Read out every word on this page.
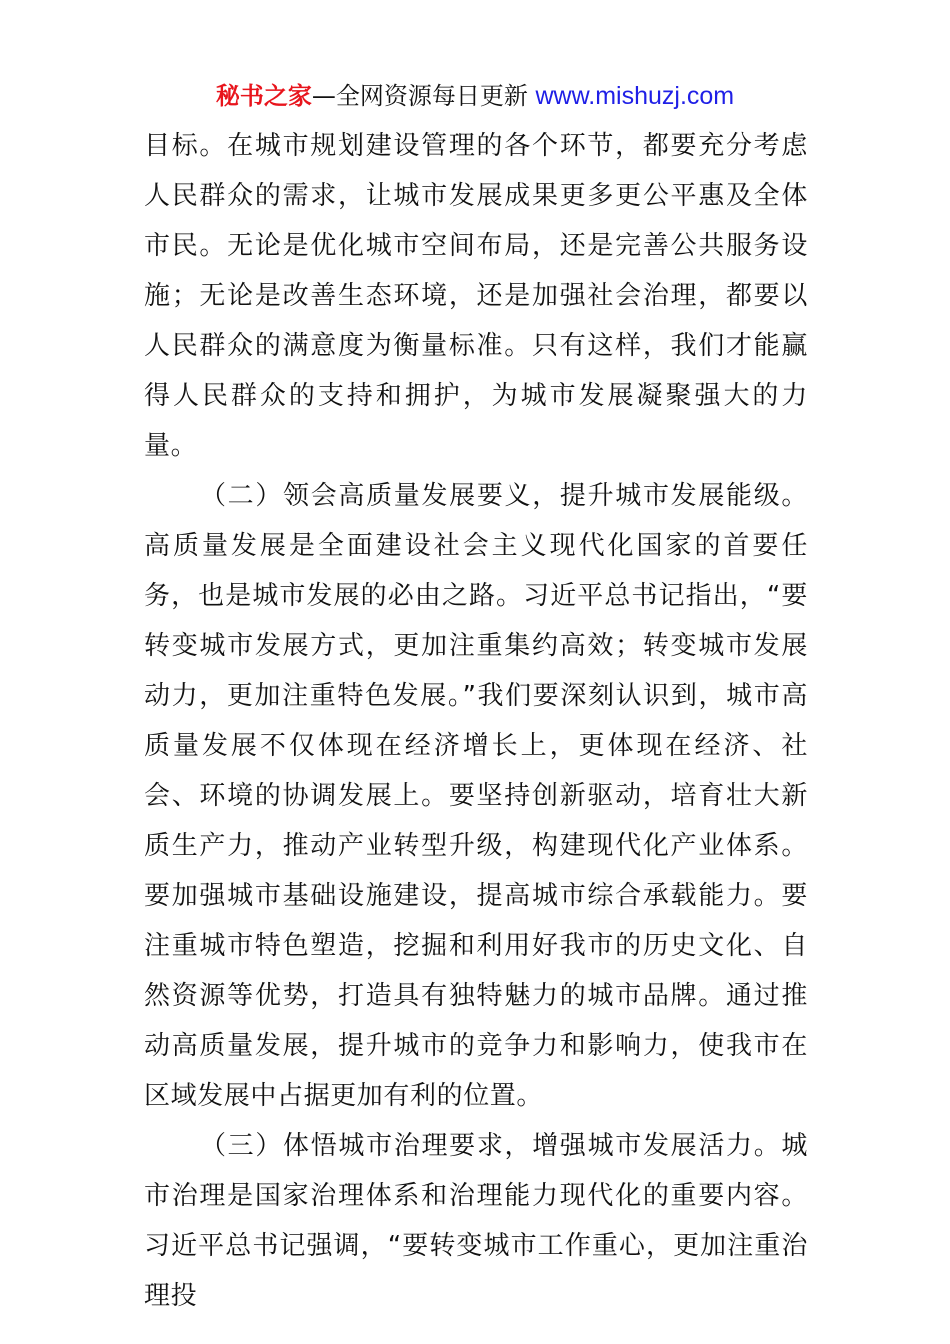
秘书之家—全网资源每日更新 www.mishuzj.com

目标。在城市规划建设管理的各个环节，都要充分考虑人民群众的需求，让城市发展成果更多更公平惠及全体市民。无论是优化城市空间布局，还是完善公共服务设施；无论是改善生态环境，还是加强社会治理，都要以人民群众的满意度为衡量标准。只有这样，我们才能赢得人民群众的支持和拥护，为城市发展凝聚强大的力量。

（二）领会高质量发展要义，提升城市发展能级。高质量发展是全面建设社会主义现代化国家的首要任务，也是城市发展的必由之路。习近平总书记指出，“要转变城市发展方式，更加注重集约高效；转变城市发展动力，更加注重特色发展。”我们要深刻认识到，城市高质量发展不仅体现在经济增长上，更体现在经济、社会、环境的协调发展上。要坚持创新驱动，培育壮大新质生产力，推动产业转型升级，构建现代化产业体系。要加强城市基础设施建设，提高城市综合承载能力。要注重城市特色塑造，挖掘和利用好我市的历史文化、自然资源等优势，打造具有独特魅力的城市品牌。通过推动高质量发展，提升城市的竞争力和影响力，使我市在区域发展中占据更加有利的位置。

（三）体悟城市治理要求，增强城市发展活力。城市治理是国家治理体系和治理能力现代化的重要内容。习近平总书记强调，“要转变城市工作重心，更加注重治理投
